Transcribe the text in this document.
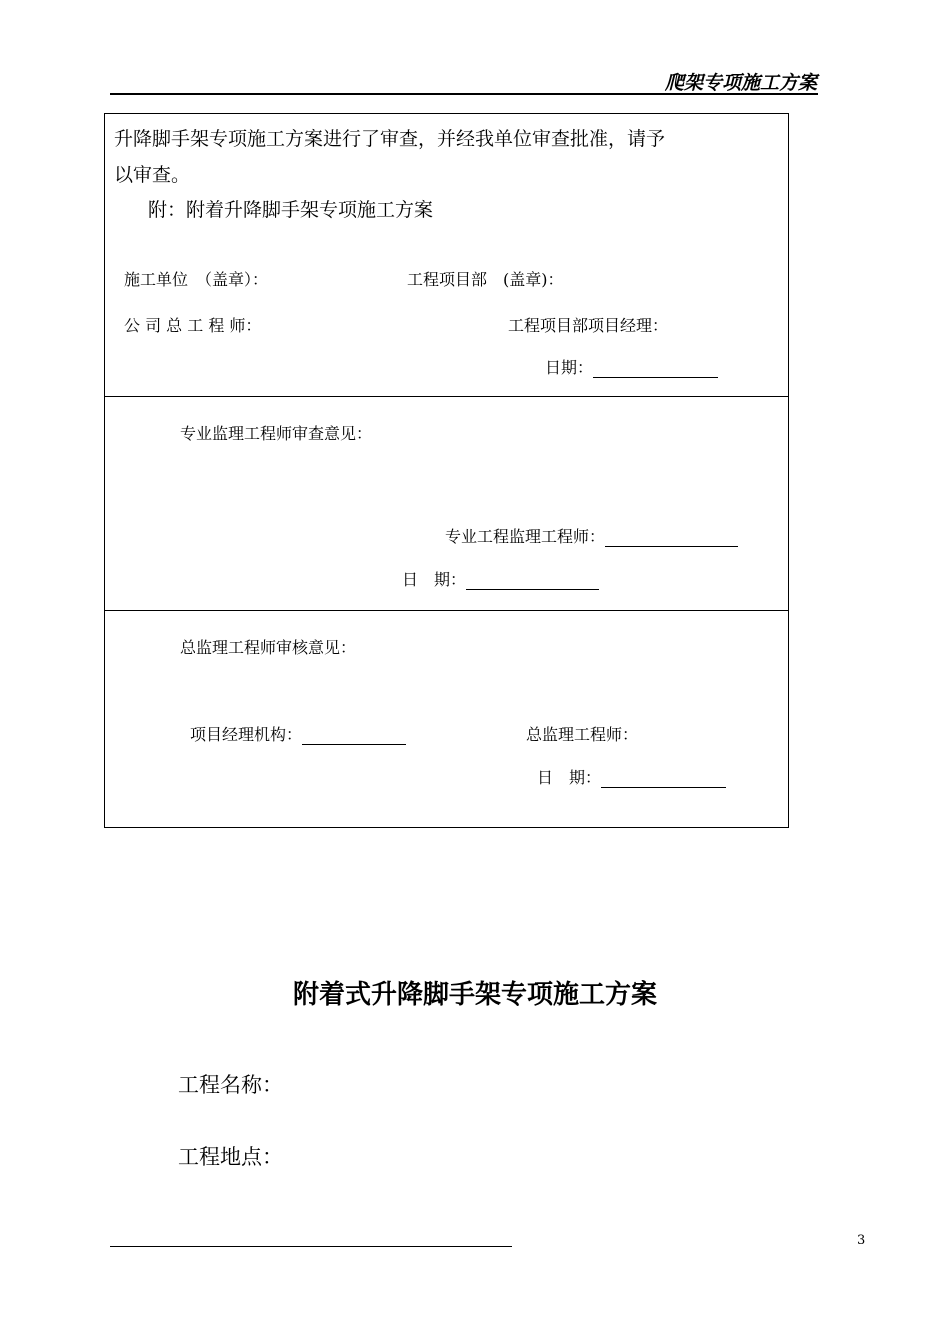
爬架专项施工方案
升降脚手架专项施工方案进行了审查，并经我单位审查批准，请予
以审查。
附：附着升降脚手架专项施工方案
施工单位　（盖章）：	工程项目部　(盖章)：
公 司 总 工 程 师：	工程项目部项目经理：
日期：
专业监理工程师审查意见：
专业工程监理工程师：
日　期：
总监理工程师审核意见：
项目经理机构：	总监理工程师：
日　期：
附着式升降脚手架专项施工方案
工程名称：
工程地点：
3
